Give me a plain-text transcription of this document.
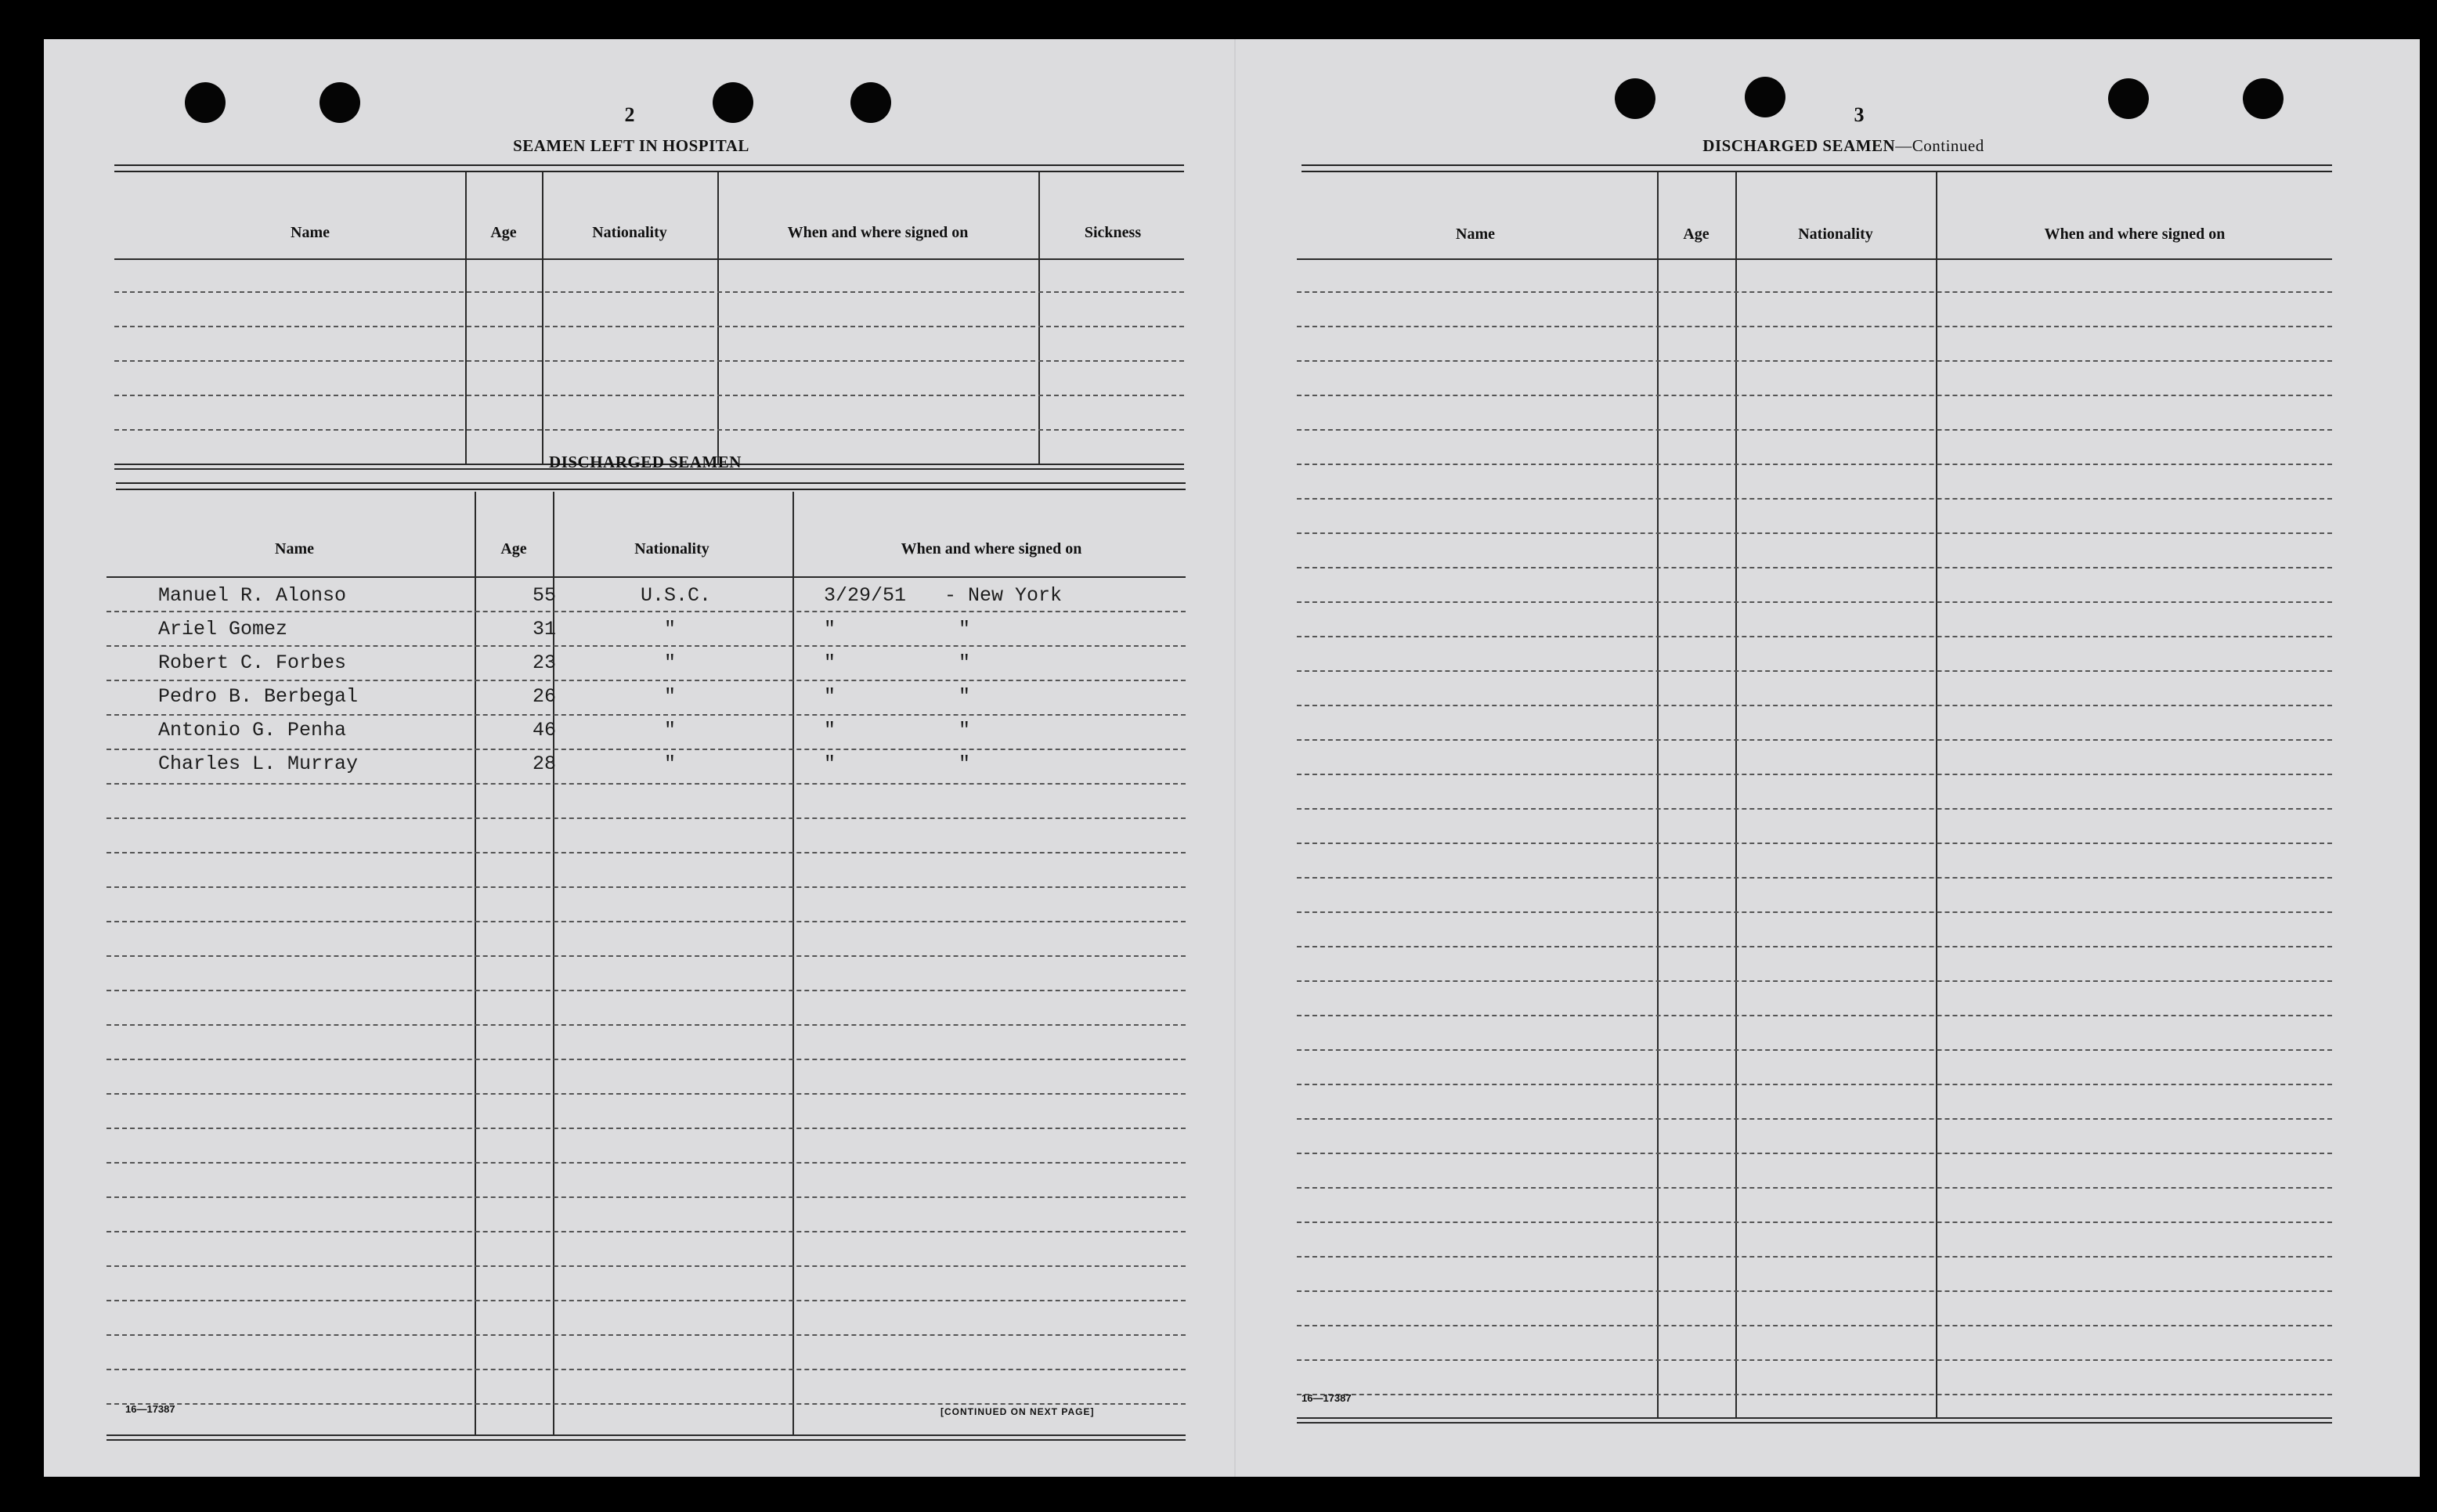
2
SEAMEN LEFT IN HOSPITAL
Name	Age	Nationality	When and where signed on	Sickness
DISCHARGED SEAMEN
Name	Age	Nationality	When and where signed on
Manuel R. Alonso	55	U.S.C.	3/29/51 - New York
Ariel Gomez	31	"	"	"
Robert C. Forbes	23	"	"	"
Pedro B. Berbegal	26	"	"	"
Antonio G. Penha	46	"	"	"
Charles L. Murray	28	"	"	"
16—17387	[CONTINUED ON NEXT PAGE]
3
DISCHARGED SEAMEN—Continued
Name	Age	Nationality	When and where signed on
16—17387
